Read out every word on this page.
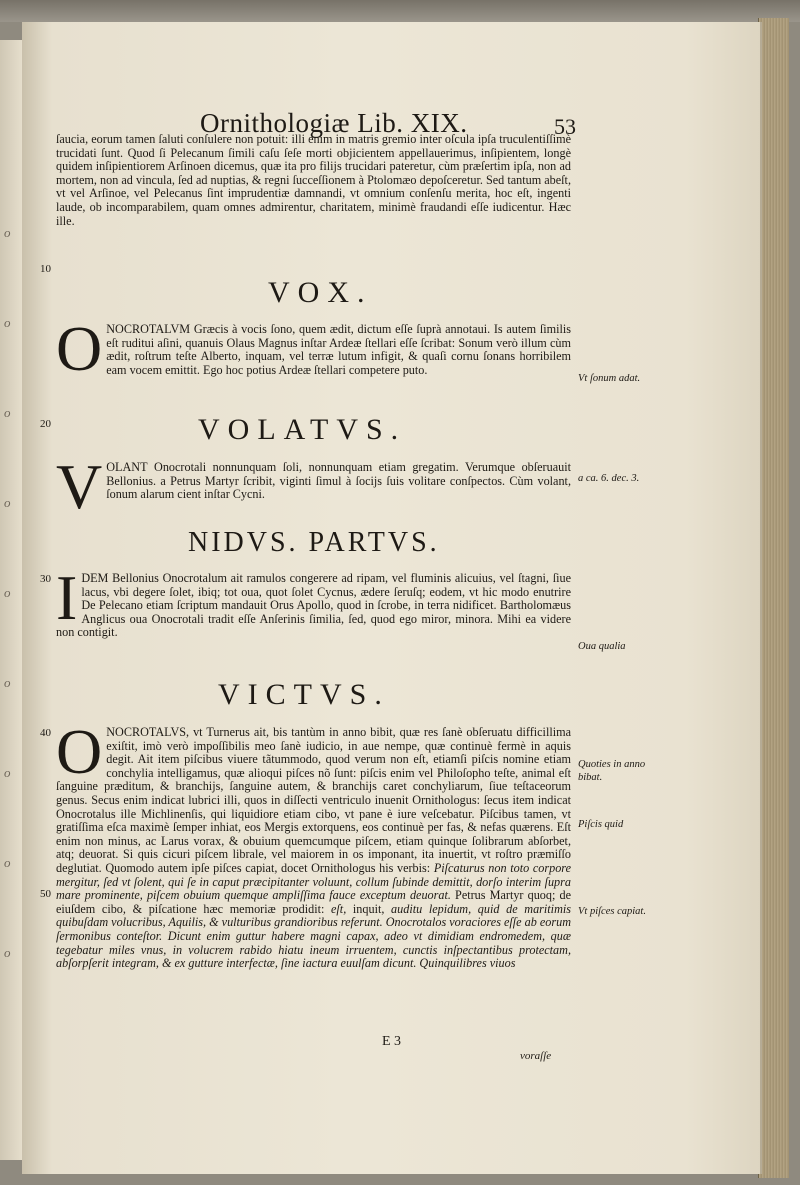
o
o
o
o
o
o
o
o
o
Ornithologiæ Lib. XIX.	53

ſaucia, eorum tamen ſaluti conſulere non potuit: illi enim in matris gremio inter oſcula ipſa truculentiſſimè trucidati ſunt. Quod ſi Pelecanum ſimili caſu ſeſe morti objicientem appellauerimus, inſipientem, longè quidem inſipientiorem Arſinoen dicemus, quæ ita pro filijs trucidari pateretur, cùm præſertim ipſa, non ad mortem, non ad vincula, ſed ad nuptias, & regni ſucceſſionem à Ptolomæo depoſceretur. Sed tantum abeſt, vt vel Arſinoe, vel Pelecanus ſint imprudentiæ damnandi, vt omnium conſenſu merita, hoc eſt, ingenti laude, ob incomparabilem, quam omnes admirentur, charitatem, minimè fraudandi eſſe iudicentur. Hæc ille.

10
VOX.

ONOCROTALVM Græcis à vocis ſono, quem ædit, dictum eſſe ſuprà annotaui. Is autem ſimilis eſt ruditui aſini, quanuis Olaus Magnus inſtar Ardeæ ſtellari eſſe ſcribat: Sonum verò illum cùm ædit, roſtrum teſte Alberto, inquam, vel terræ lutum infigit, & quaſi cornu ſonans horribilem eam vocem emittit. Ego hoc potius Ardeæ ſtellari competere puto.

Vt ſonum adat.
20	VOLATVS.

VOLANT Onocrotali nonnunquam ſoli, nonnunquam etiam gregatim. Verumque obſeruauit Bellonius. a Petrus Martyr ſcribit, viginti ſimul à ſocijs ſuis volitare conſpectos. Cùm volant, ſonum alarum cient inſtar Cycni.

a ca. 6. dec. 3.
NIDVS. PARTVS.
30 IDEM Bellonius Onocrotalum ait ramulos congerere ad ripam, vel fluminis alicuius, vel ſtagni, ſiue lacus, vbi degere ſolet, ibiq; tot oua, quot ſolet Cycnus, ædere ſeruſq; eodem, vt hic modo enutrire De Pelecano etiam ſcriptum mandauit Orus Apollo, quod in ſcrobe, in terra nidificet. Bartholomæus Anglicus oua Onocrotali tradit eſſe Anſerinis ſimilia, ſed, quod ego miror, minora. Mihi ea videre non contigit.

Oua qualia
VICTVS.
40
50

ONOCROTALVS, vt Turnerus ait, bis tantùm in anno bibit, quæ res ſanè obſeruatu difficillima exiſtit, imò verò impoſſibilis meo ſanè iudicio, in aue nempe, quæ continuè fermè in aquis degit. Ait item piſcibus viuere tãtummodo, quod verum non eſt, etiamſi piſcis nomine etiam conchylia intelligamus, quæ alioqui piſces nõ ſunt: piſcis enim vel Philoſopho teſte, animal eſt ſanguine præditum, & branchijs, ſanguine autem, & branchijs caret conchyliarum, ſiue teſtaceorum genus. Secus enim indicat lubrici illi, quos in diſſecti ventriculo inuenit Ornithologus: ſecus item indicat Onocrotalus ille Michlinenſis, qui liquidiore etiam cibo, vt pane è iure veſcebatur. Piſcibus tamen, vt gratiſſima eſca maximè ſemper inhiat, eos Mergis extorquens, eos continuè per fas, & nefas quærens. Eſt enim non minus, ac Larus vorax, & obuium quemcumque piſcem, etiam quinque ſolibrarum abſorbet, atq; deuorat. Si quis cicuri piſcem librale, vel maiorem in os imponant, ita inuertit, vt roſtro præmiſſo deglutiat. Quomodo autem ipſe piſces capiat, docet Ornithologus his verbis: Piſcaturus non toto corpore mergitur, ſed vt ſolent, qui ſe in caput præcipitanter voluunt, collum ſubinde demittit, dorſo interim ſupra mare prominente, piſcem obuium quemque ampliſſima fauce exceptum deuorat. Petrus Martyr quoq; de eiuſdem cibo, & piſcatione hæc memoriæ prodidit: eſt, inquit, auditu lepidum, quid de maritimis quibuſdam volucribus, Aquilis, & vulturibus grandioribus referunt. Onocrotalos voraciores eſſe ab eorum ſermonibus conteſtor. Dicunt enim guttur habere magni capax, adeo vt dimidiam endromedem, quæ tegebatur miles vnus, in volucrem rabido hiatu ineum irruentem, cunctis inſpectantibus protectam, abſorpſerit integram, & ex gutture interfectæ, ſine iactura euulſam dicunt. Quinquilibres viuos

Quoties in anno bibat.
Piſcis quid
Vt piſces capiat.
E 3
voraſſe
